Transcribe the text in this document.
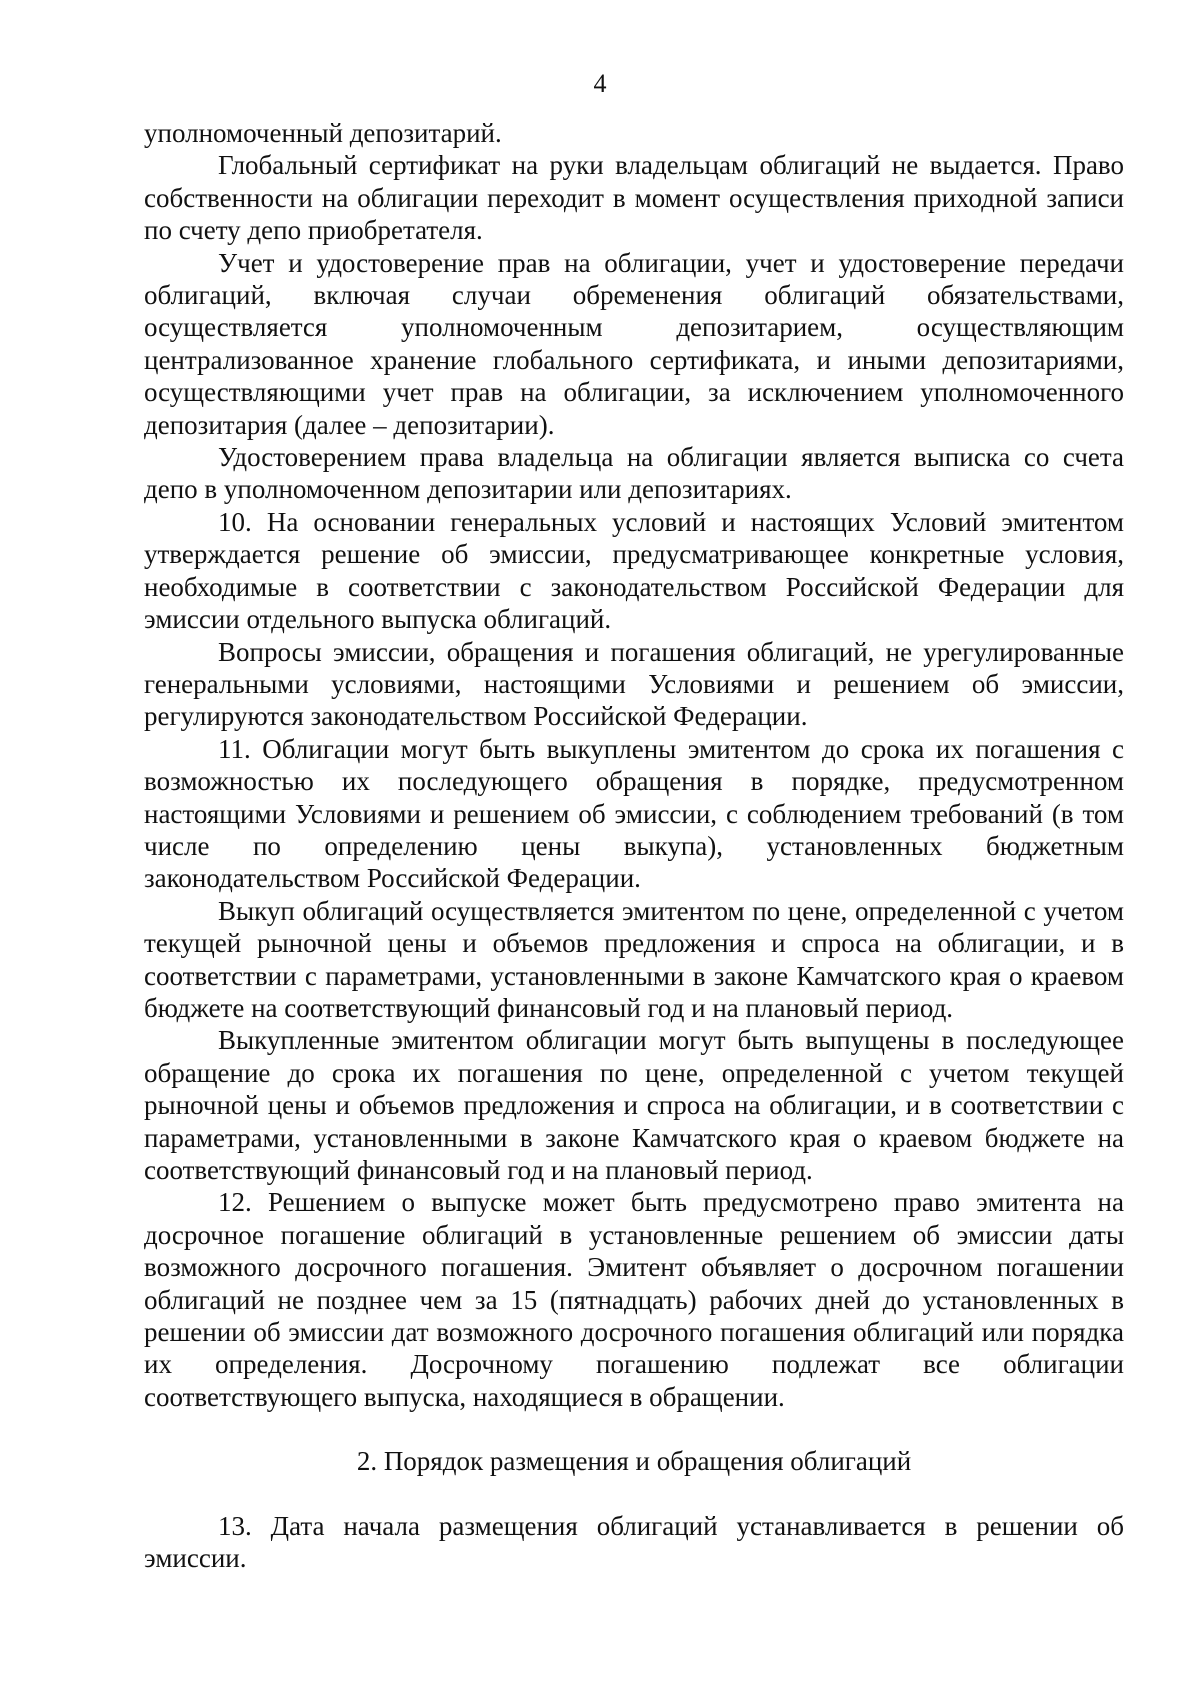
4

уполномоченный депозитарий.

Глобальный сертификат на руки владельцам облигаций не выдается. Право собственности на облигации переходит в момент осуществления приходной записи по счету депо приобретателя.

Учет и удостоверение прав на облигации, учет и удостоверение передачи облигаций, включая случаи обременения облигаций обязательствами, осуществляется уполномоченным депозитарием, осуществляющим централизованное хранение глобального сертификата, и иными депозитариями, осуществляющими учет прав на облигации, за исключением уполномоченного депозитария (далее – депозитарии).

Удостоверением права владельца на облигации является выписка со счета депо в уполномоченном депозитарии или депозитариях.

10. На основании генеральных условий и настоящих Условий эмитентом утверждается решение об эмиссии, предусматривающее конкретные условия, необходимые в соответствии с законодательством Российской Федерации для эмиссии отдельного выпуска облигаций.

Вопросы эмиссии, обращения и погашения облигаций, не урегулированные генеральными условиями, настоящими Условиями и решением об эмиссии, регулируются законодательством Российской Федерации.

11. Облигации могут быть выкуплены эмитентом до срока их погашения с возможностью их последующего обращения в порядке, предусмотренном настоящими Условиями и решением об эмиссии, с соблюдением требований (в том числе по определению цены выкупа), установленных бюджетным законодательством Российской Федерации.

Выкуп облигаций осуществляется эмитентом по цене, определенной с учетом текущей рыночной цены и объемов предложения и спроса на облигации, и в соответствии с параметрами, установленными в законе Камчатского края о краевом бюджете на соответствующий финансовый год и на плановый период.

Выкупленные эмитентом облигации могут быть выпущены в последующее обращение до срока их погашения по цене, определенной с учетом текущей рыночной цены и объемов предложения и спроса на облигации, и в соответствии с параметрами, установленными в законе Камчатского края о краевом бюджете на соответствующий финансовый год и на плановый период.

12. Решением о выпуске может быть предусмотрено право эмитента на досрочное погашение облигаций в установленные решением об эмиссии даты возможного досрочного погашения. Эмитент объявляет о досрочном погашении облигаций не позднее чем за 15 (пятнадцать) рабочих дней до установленных в решении об эмиссии дат возможного досрочного погашения облигаций или порядка их определения. Досрочному погашению подлежат все облигации соответствующего выпуска, находящиеся в обращении.

2. Порядок размещения и обращения облигаций

13. Дата начала размещения облигаций устанавливается в решении об эмиссии.
